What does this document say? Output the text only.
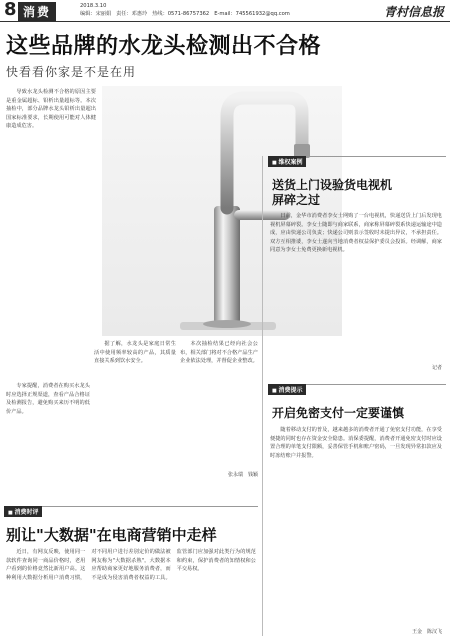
8 消费	2018.3.10
编辑：宋丽娟 责任：邓惠玲 热线：0571-86757362 E-mail：745561932@qq.com	青村信息报
这些品牌的水龙头检测出不合格
快看看你家是不是在用

导致水龙头检测不合格的原因主要是重金属超标、铅析出量超标等。本次抽检中，部分品牌水龙头铅析出量超出国家标准要求，长期使用可能对人体健康造成危害。

专家提醒，消费者在购买水龙头时应选择正规渠道，查看产品合格证及检测报告，避免购买来历不明的低价产品。

据了解，水龙头是家庭日常生活中使用频率较高的产品，其质量直接关系到饮水安全。

本次抽检结果已经向社会公布，相关部门将对不合格产品生产企业依法处理，并督促企业整改。

张永瑞　钱颖
■ 维权案例
送货上门设验货电视机屏碎之过

日前，金华市消费者李女士网购了一台电视机，快递送货上门后发现电视机屏幕碎裂。李女士随即与商家联系，商家称屏幕碎裂系快递运输途中造成，应由快递公司负责；快递公司则表示签收时未提出异议，不承担责任。双方互相推诿，李女士遂向当地消费者权益保护委员会投诉。经调解，商家同意为李女士免费更换新电视机。

记者
■ 消费提示
开启免密支付一定要谨慎

随着移动支付的普及，越来越多的消费者开通了免密支付功能，在享受便捷的同时也存在资金安全隐患。消保委提醒，消费者开通免密支付时应设置合理的单笔支付限额，妥善保管手机和账户密码，一旦发现异常扣款应及时冻结账户并报警。

王金　陈汉飞
■ 消费时评
别让"大数据"在电商营销中走样

近日，有网友反映，使用同一款软件查询同一商品价格时，老用户看到的价格竟然比新用户高。这种利用大数据分析用户消费习惯，对不同用户进行差别定价的做法被网友称为"大数据杀熟"。大数据本应帮助商家更好地服务消费者，而不是成为侵害消费者权益的工具。监管部门应加强对此类行为的规范和约束，保护消费者的知情权和公平交易权。
